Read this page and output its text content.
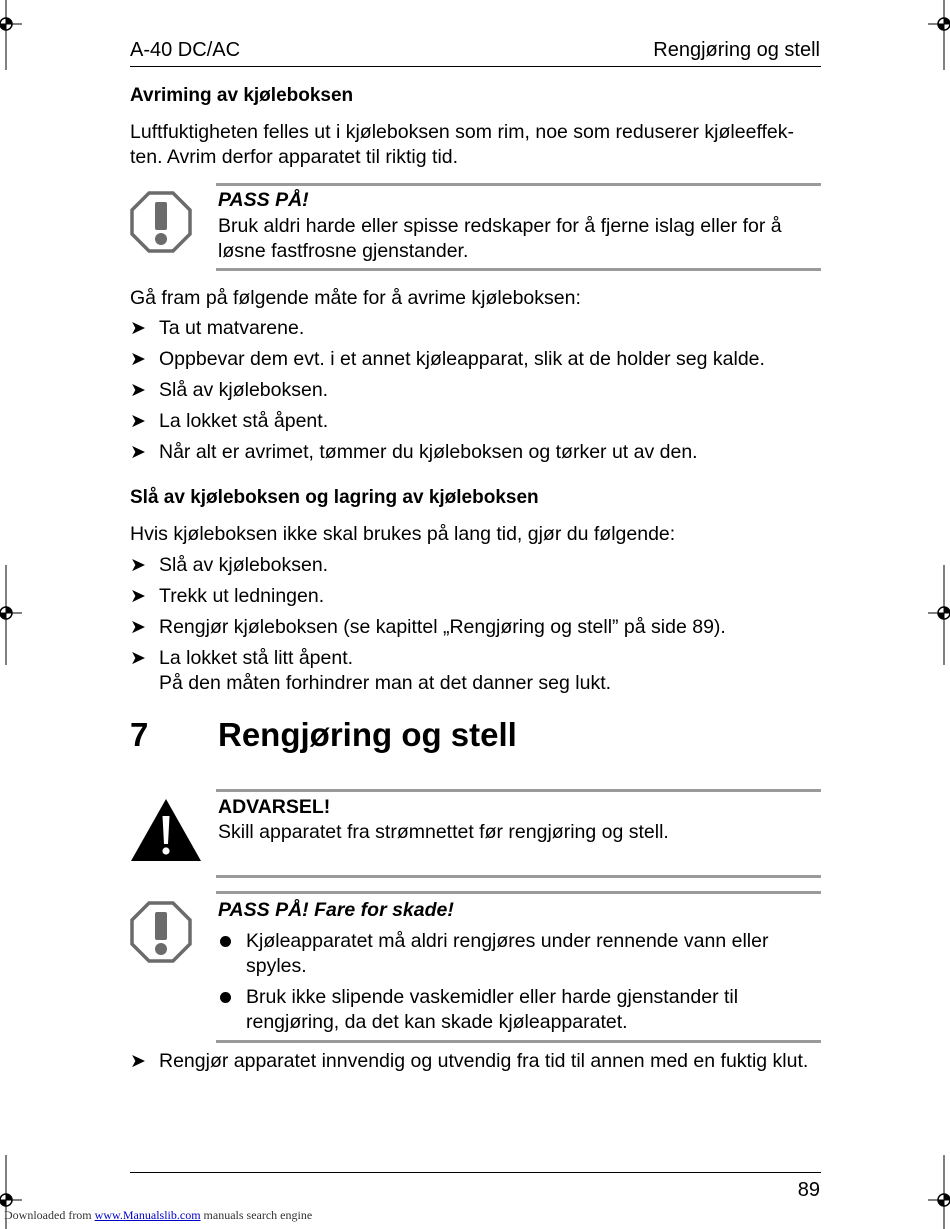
A-40 DC/AC	Rengjøring og stell
Avriming av kjøleboksen
Luftfuktigheten felles ut i kjøleboksen som rim, noe som reduserer kjøleeffek-ten. Avrim derfor apparatet til riktig tid.
PASS PÅ!
Bruk aldri harde eller spisse redskaper for å fjerne islag eller for å løsne fastfrosne gjenstander.
Gå fram på følgende måte for å avrime kjøleboksen:
➤ Ta ut matvarene.
➤ Oppbevar dem evt. i et annet kjøleapparat, slik at de holder seg kalde.
➤ Slå av kjøleboksen.
➤ La lokket stå åpent.
➤ Når alt er avrimet, tømmer du kjøleboksen og tørker ut av den.
Slå av kjøleboksen og lagring av kjøleboksen
Hvis kjøleboksen ikke skal brukes på lang tid, gjør du følgende:
➤ Slå av kjøleboksen.
➤ Trekk ut ledningen.
➤ Rengjør kjøleboksen (se kapittel „Rengjøring og stell” på side 89).
➤ La lokket stå litt åpent.
På den måten forhindrer man at det danner seg lukt.
7 Rengjøring og stell
ADVARSEL!
Skill apparatet fra strømnettet før rengjøring og stell.
PASS PÅ! Fare for skade!
Kjøleapparatet må aldri rengjøres under rennende vann eller spyles.
Bruk ikke slipende vaskemidler eller harde gjenstander til rengjøring, da det kan skade kjøleapparatet.
➤ Rengjør apparatet innvendig og utvendig fra tid til annen med en fuktig klut.
89
Downloaded from www.Manualslib.com manuals search engine
